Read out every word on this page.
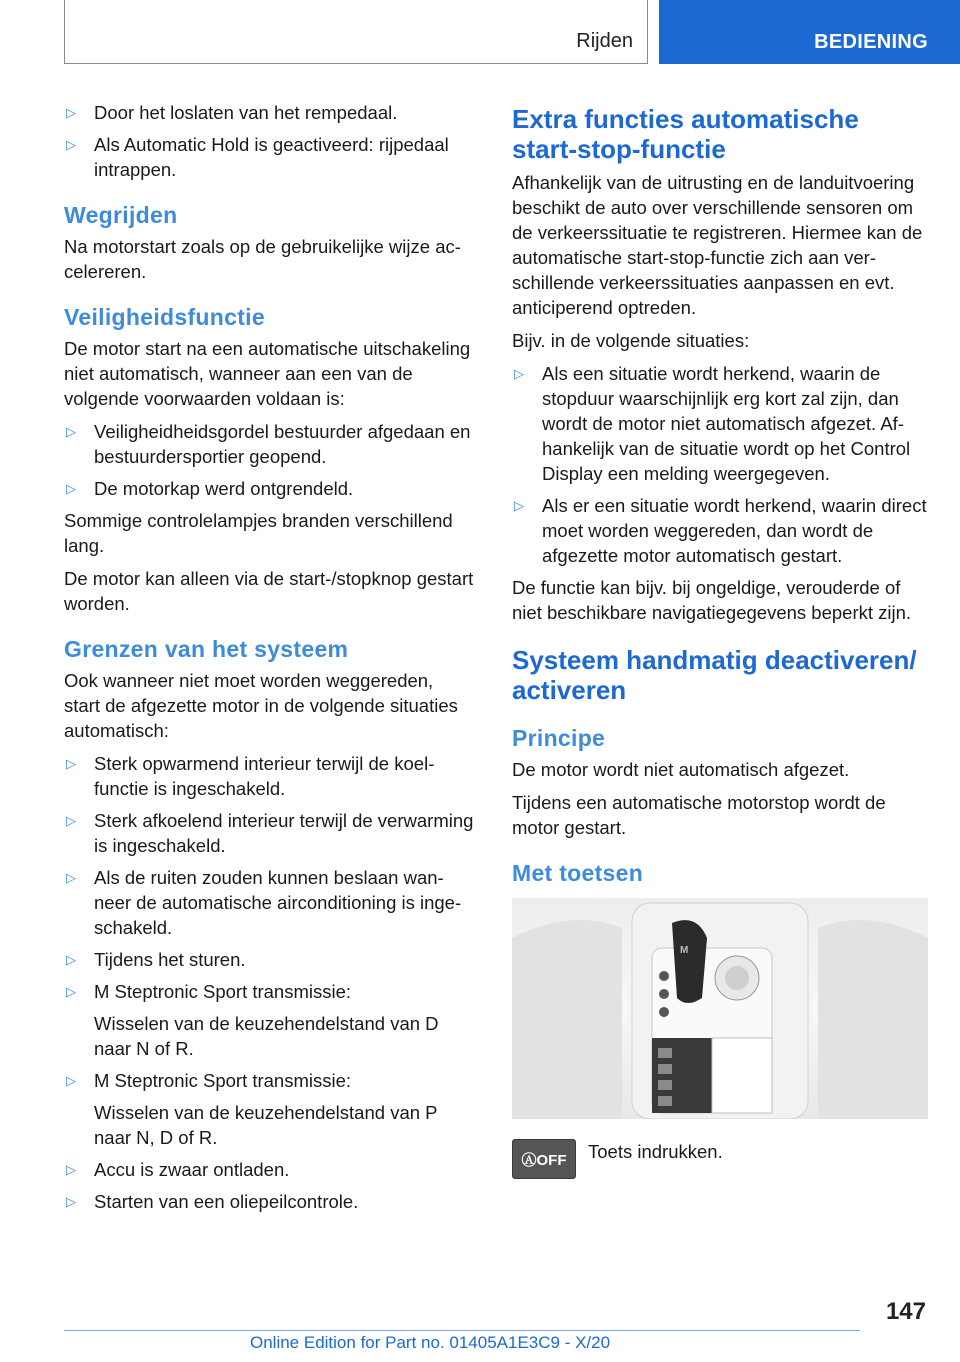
Rijden	BEDIENING
▷ Door het loslaten van het rempedaal.
▷ Als Automatic Hold is geactiveerd: rijpedaal intrappen.
Wegrijden

Na motorstart zoals op de gebruikelijke wijze accelereren.

Veiligheidsfunctie

De motor start na een automatische uitschakeling niet automatisch, wanneer aan een van de volgende voorwaarden voldaan is:

▷ Veiligheidheidsgordel bestuurder afgedaan en bestuurdersportier geopend.
▷ De motorkap werd ontgrendeld.

Sommige controlelampjes branden verschillend lang.

De motor kan alleen via de start-/stopknop gestart worden.

Grenzen van het systeem

Ook wanneer niet moet worden weggereden, start de afgezette motor in de volgende situaties automatisch:

▷ Sterk opwarmend interieur terwijl de koelfunctie is ingeschakeld.
▷ Sterk afkoelend interieur terwijl de verwarming is ingeschakeld.
▷ Als de ruiten zouden kunnen beslaan wanneer de automatische airconditioning is ingeschakeld.
▷ Tijdens het sturen.
▷ M Steptronic Sport transmissie:
Wisselen van de keuzehendelstand van D naar N of R.
▷ M Steptronic Sport transmissie:
Wisselen van de keuzehendelstand van P naar N, D of R.
▷ Accu is zwaar ontladen.
▷ Starten van een oliepeilcontrole.
Extra functies automatische start-stop-functie

Afhankelijk van de uitrusting en de landuitvoering beschikt de auto over verschillende sensoren om de verkeerssituatie te registreren. Hiermee kan de automatische start-stop-functie zich aan verschillende verkeerssituaties aanpassen en evt. anticiperend optreden.

Bijv. in de volgende situaties:

▷ Als een situatie wordt herkend, waarin de stopduur waarschijnlijk erg kort zal zijn, dan wordt de motor niet automatisch afgezet. Afhankelijk van de situatie wordt op het Control Display een melding weergegeven.
▷ Als er een situatie wordt herkend, waarin direct moet worden weggereden, dan wordt de afgezette motor automatisch gestart.

De functie kan bijv. bij ongeldige, verouderde of niet beschikbare navigatiegegevens beperkt zijn.

Systeem handmatig deactiveren/ activeren
Principe

De motor wordt niet automatisch afgezet.

Tijdens een automatische motorstop wordt de motor gestart.

Met toetsen
M
ⒶOFF	Toets indrukken.

147
Online Edition for Part no. 01405A1E3C9 - X/20
